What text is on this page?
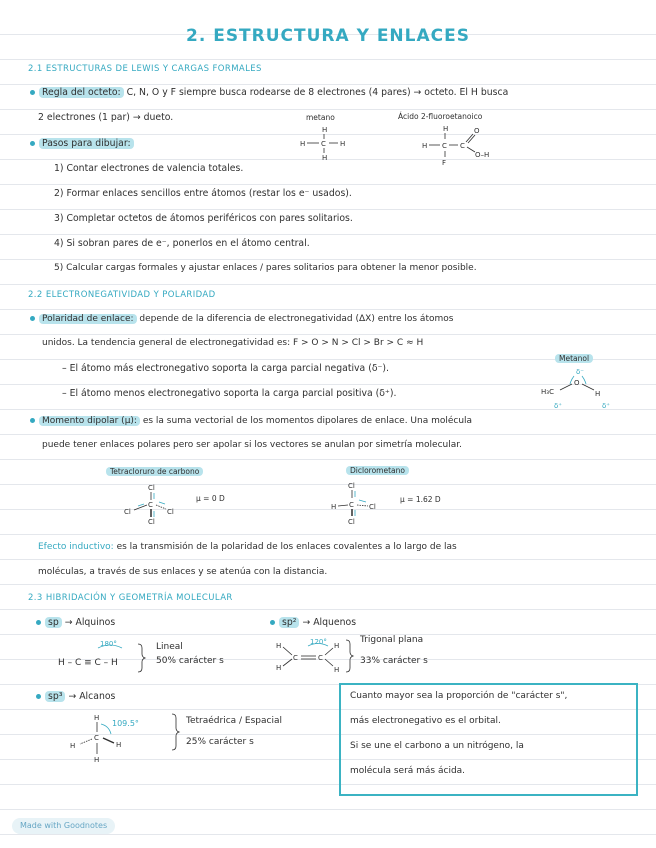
2. ESTRUCTURA Y ENLACES
2.1 ESTRUCTURAS DE LEWIS Y CARGAS FORMALES
Regla del octeto: C, N, O y F siempre busca rodearse de 8 electrones (4 pares) → octeto. El H busca
2 electrones (1 par) → dueto.	metano	Ácido 2-fluoroetanoico
H
H C H
H
H
H C C
O
O–H
F
Pasos para dibujar:
1) Contar electrones de valencia totales.
2) Formar enlaces sencillos entre átomos (restar los e⁻ usados).
3) Completar octetos de átomos periféricos con pares solitarios.
4) Si sobran pares de e⁻, ponerlos en el átomo central.
5) Calcular cargas formales y ajustar enlaces / pares solitarios para obtener la menor posible.
2.2 ELECTRONEGATIVIDAD Y POLARIDAD
Polaridad de enlace: depende de la diferencia de electronegatividad (ΔX) entre los átomos
unidos. La tendencia general de electronegatividad es: F > O > N > Cl > Br > C ≈ H
Metanol
– El átomo más electronegativo soporta la carga parcial negativa (δ⁻).
– El átomo menos electronegativo soporta la carga parcial positiva (δ⁺).
δ⁻
H₃C
O
H
δ⁺	δ⁺
Momento dipolar (μ): es la suma vectorial de los momentos dipolares de enlace. Una molécula
puede tener enlaces polares pero ser apolar si los vectores se anulan por simetría molecular.
Tetracloruro de carbono	Diclorometano
Cl
C
Cl	Cl
Cl
μ = 0 D
Cl
C
H	Cl
Cl
μ = 1.62 D
Efecto inductivo: es la transmisión de la polaridad de los enlaces covalentes a lo largo de las
moléculas, a través de sus enlaces y se atenúa con la distancia.
2.3 HIBRIDACIÓN Y GEOMETRÍA MOLECULAR
sp → Alquinos
180°
H – C ≡ C – H
Lineal
50% carácter s
sp² → Alquenos
120°
H
H
C	C
H
H
Trigonal plana
33% carácter s
sp³ → Alcanos
H
109.5°
C
H	H
H
Tetraédrica / Espacial
25% carácter s
Cuanto mayor sea la proporción de "carácter s",
más electronegativo es el orbital.
Si se une el carbono a un nitrógeno, la
molécula será más ácida.
Made with Goodnotes
